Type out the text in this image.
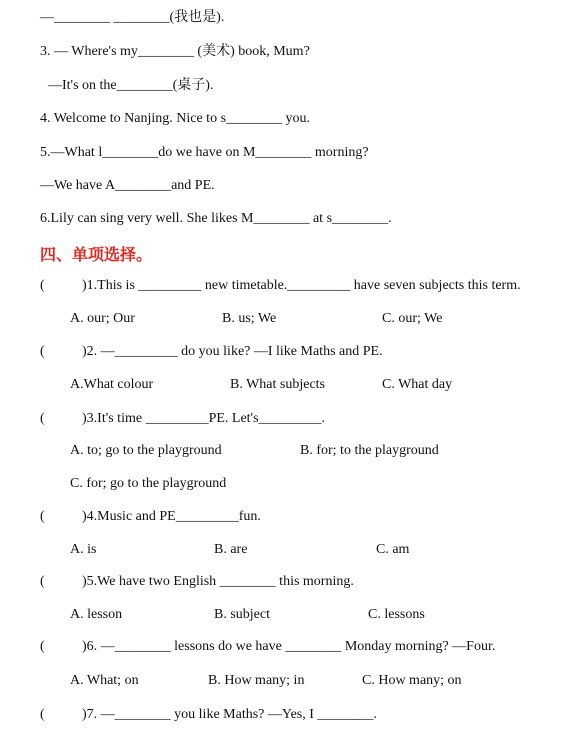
—________ ________(我也是).
3. — Where's my________ (美术) book, Mum?
—It's on the________(桌子).
4. Welcome to Nanjing. Nice to s________ you.
5.—What l________do we have on M________ morning?
—We have A________and PE.
6.Lily can sing very well. She likes M________ at s________.
四、单项选择。
(	)1.This is _________ new timetable._________ have seven subjects this term.
A. our; Our	B. us; We	C. our; We
(	)2. —_________ do you like? —I like Maths and PE.
A.What colour	B. What subjects	C. What day
(	)3.It's time _________PE. Let's_________.
A. to; go to the playground	B. for; to the playground
C. for; go to the playground
(	)4.Music and PE_________fun.
A. is	B. are	C. am
(	)5.We have two English ________ this morning.
A. lesson	B. subject	C. lessons
(	)6. —________ lessons do we have ________ Monday morning? —Four.
A. What; on	B. How many; in	C. How many; on
(	)7. —________ you like Maths? —Yes, I ________.
